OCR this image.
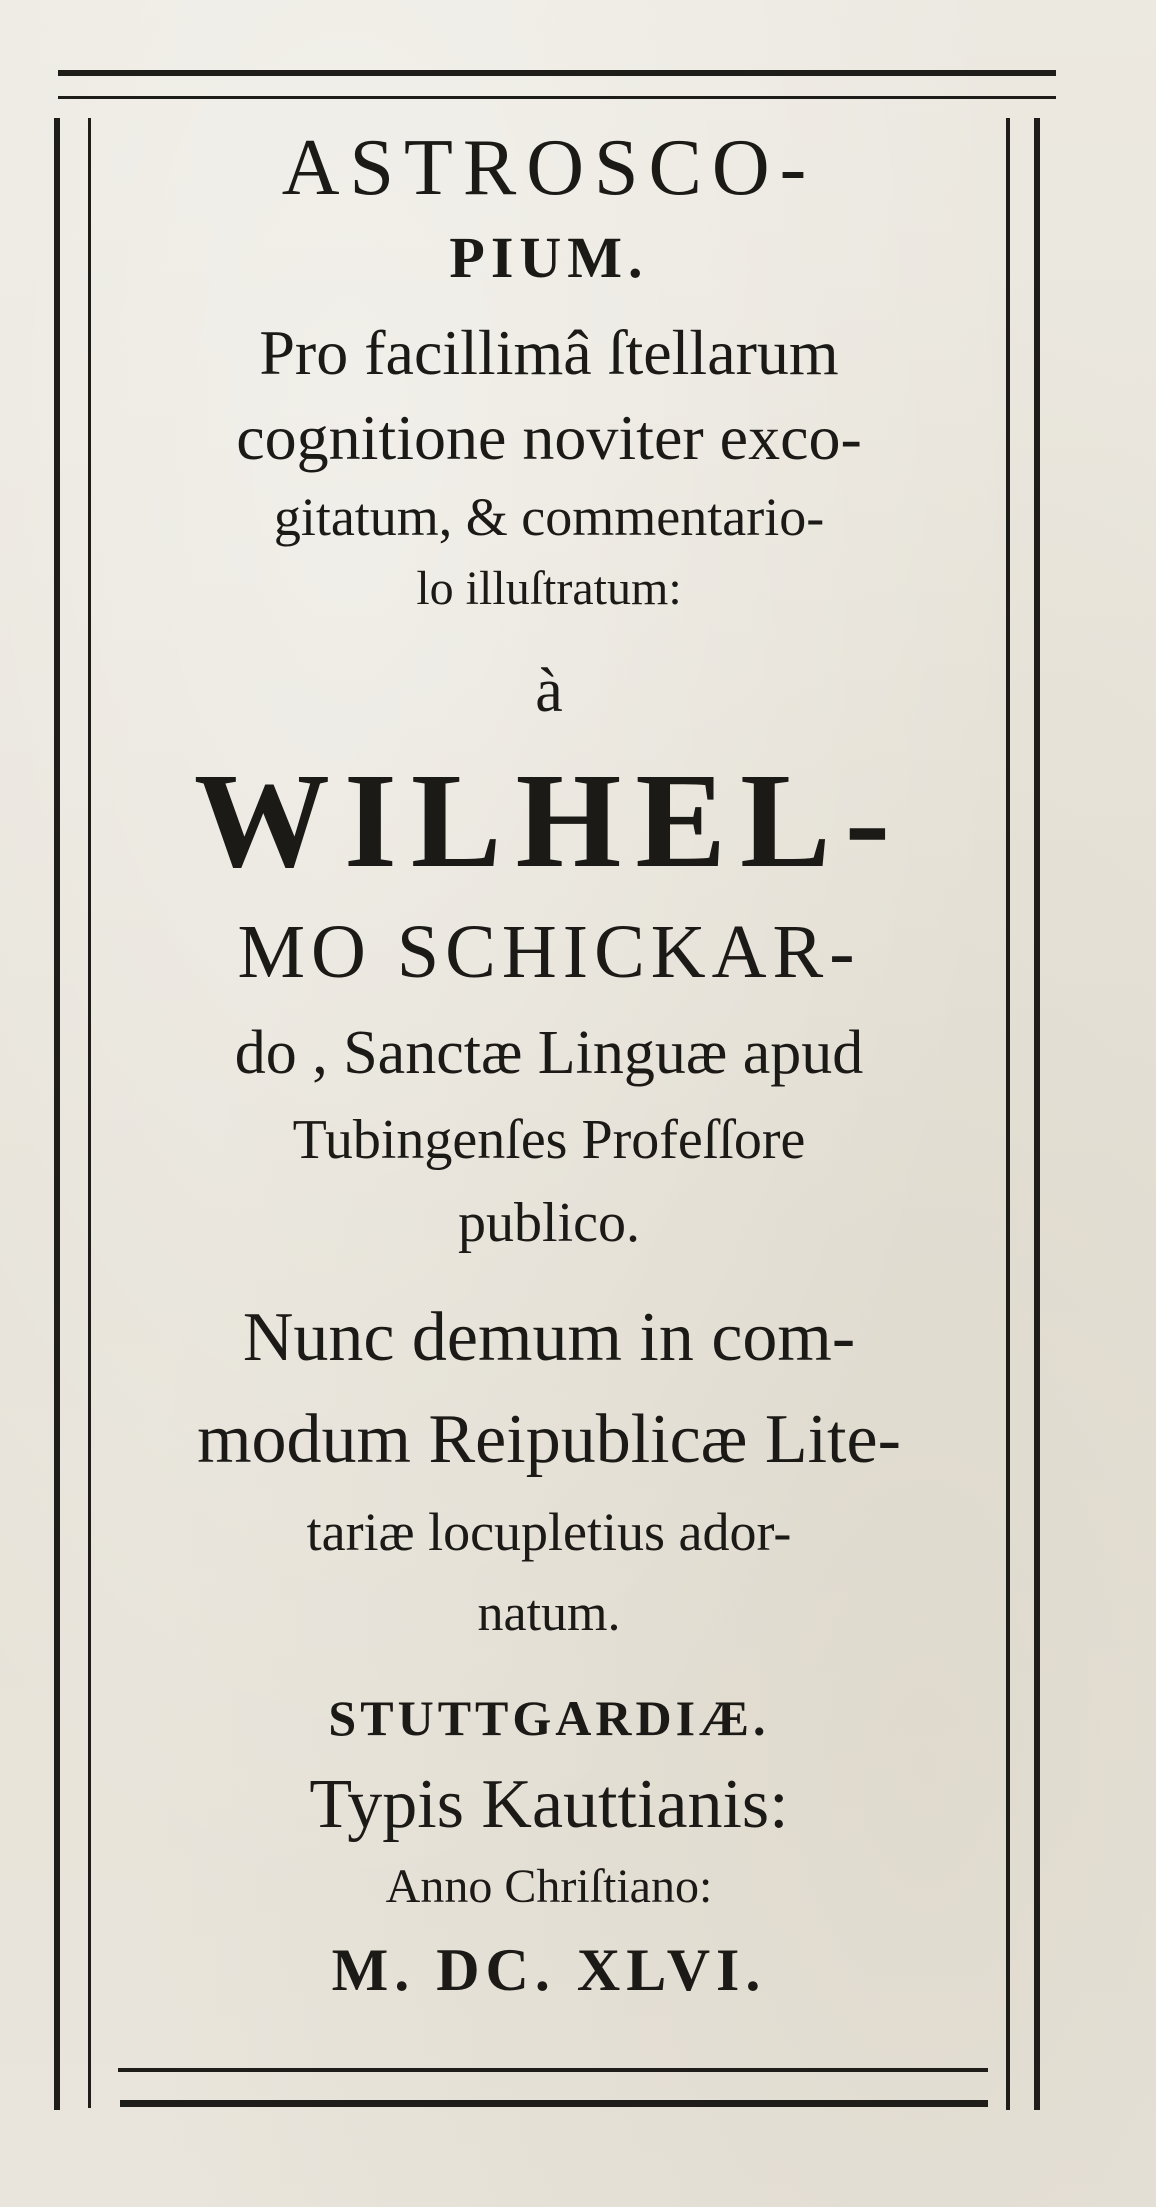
ASTROSCO-
PIUM.
Pro facillimâ ſtellarum
cognitione noviter exco-
gitatum, & commentario-
lo illuſtratum:
à
WILHEL-
MO SCHICKAR-
do , Sanctæ Linguæ apud
Tubingenſes Profeſſore
publico.
Nunc demum in com-
modum Reipublicæ Lite-
tariæ locupletius ador-
natum.
STUTTGARDIÆ.
Typis Kauttianis:
Anno Chriſtiano:
M. DC. XLVI.
